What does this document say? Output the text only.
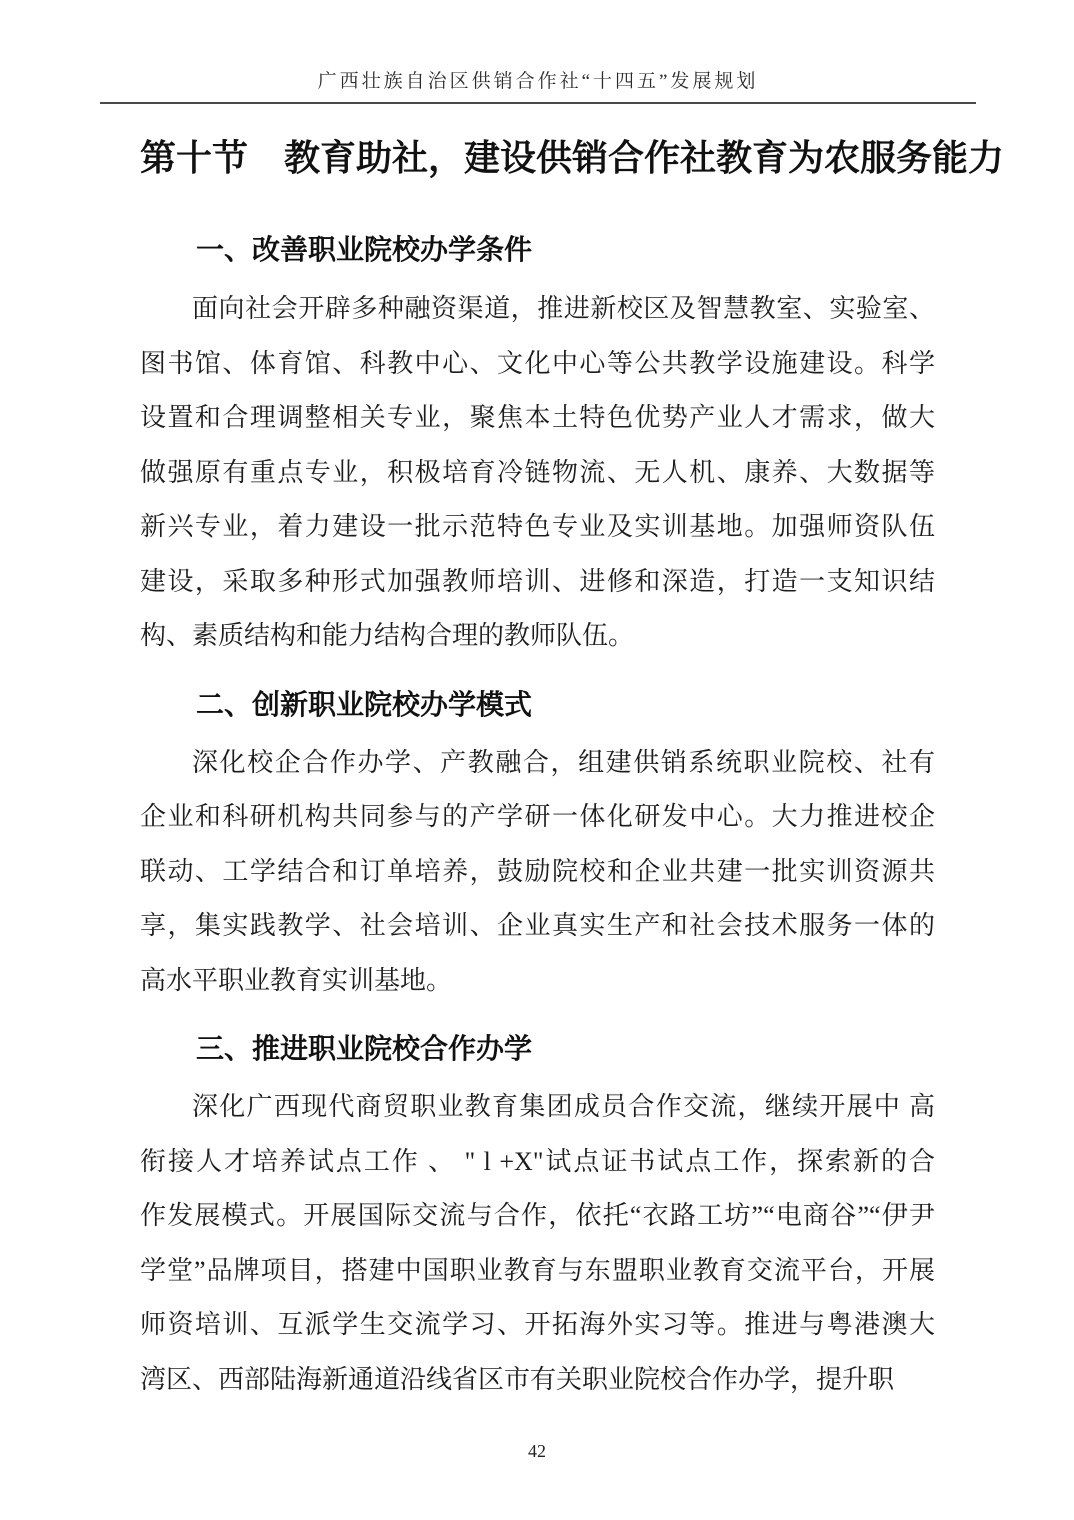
广西壮族自治区供销合作社“十四五”发展规划
第十节　教育助社，建设供销合作社教育为农服务能力
一、改善职业院校办学条件
面向社会开辟多种融资渠道，推进新校区及智慧教室、实验室、
图书馆、体育馆、科教中心、文化中心等公共教学设施建设。科学
设置和合理调整相关专业，聚焦本土特色优势产业人才需求，做大
做强原有重点专业，积极培育冷链物流、无人机、康养、大数据等
新兴专业，着力建设一批示范特色专业及实训基地。加强师资队伍
建设，采取多种形式加强教师培训、进修和深造，打造一支知识结
构、素质结构和能力结构合理的教师队伍。
二、创新职业院校办学模式
深化校企合作办学、产教融合，组建供销系统职业院校、社有
企业和科研机构共同参与的产学研一体化研发中心。大力推进校企
联动、工学结合和订单培养，鼓励院校和企业共建一批实训资源共
享，集实践教学、社会培训、企业真实生产和社会技术服务一体的
高水平职业教育实训基地。
三、推进职业院校合作办学
深化广西现代商贸职业教育集团成员合作交流，继续开展中 高
衔接人才培养试点工作 、 " l +X"试点证书试点工作，探索新的合
作发展模式。开展国际交流与合作，依托“衣路工坊”“电商谷”“伊尹
学堂”品牌项目，搭建中国职业教育与东盟职业教育交流平台，开展
师资培训、互派学生交流学习、开拓海外实习等。推进与粤港澳大
湾区、西部陆海新通道沿线省区市有关职业院校合作办学，提升职
42
